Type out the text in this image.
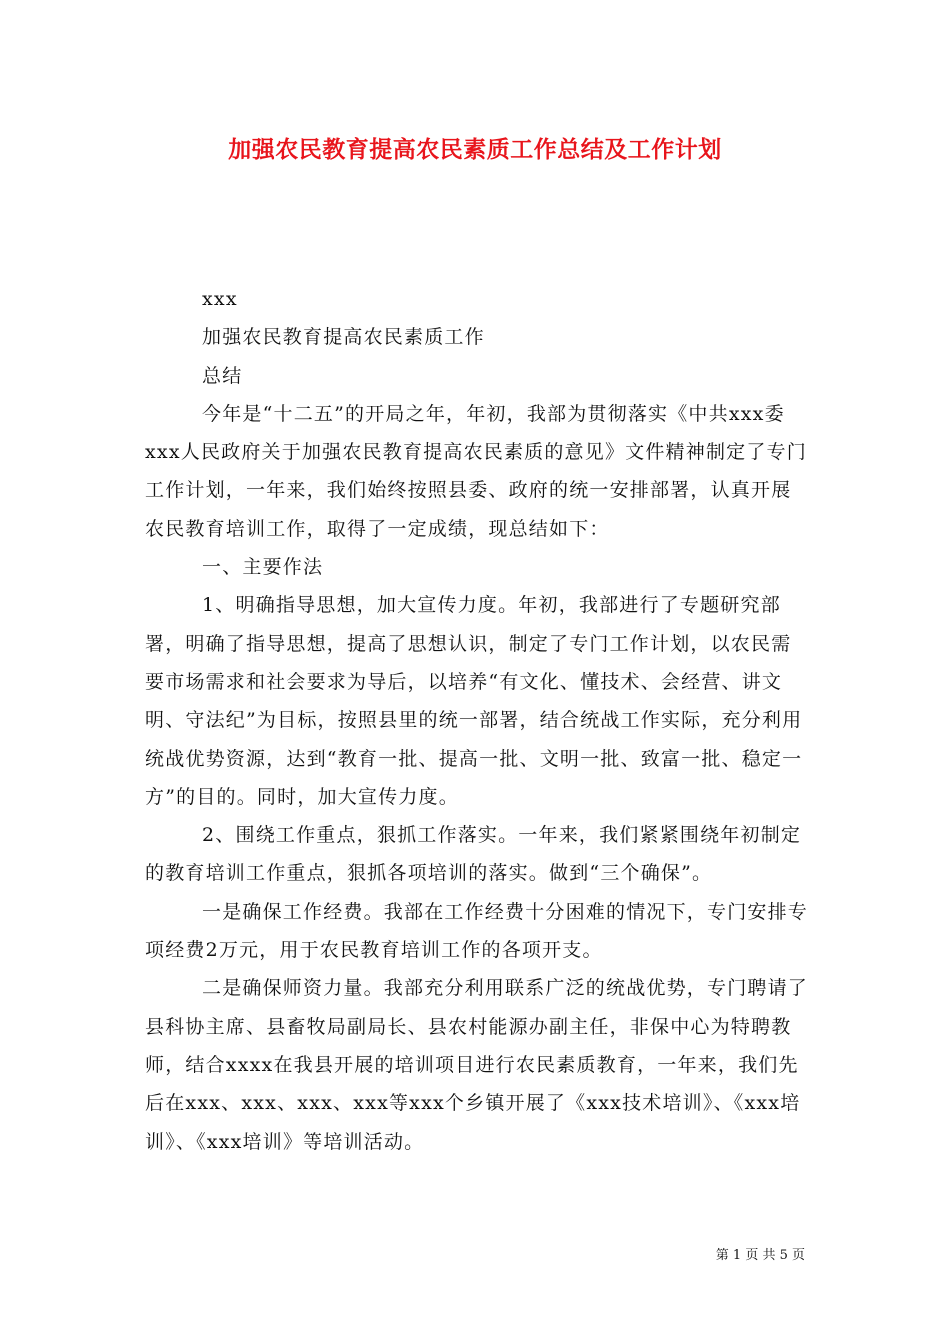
加强农民教育提高农民素质工作总结及工作计划

xxx

加强农民教育提高农民素质工作

总结

今年是“十二五”的开局之年，年初，我部为贯彻落实《中共xxx委xxx人民政府关于加强农民教育提高农民素质的意见》文件精神制定了专门工作计划，一年来，我们始终按照县委、政府的统一安排部署，认真开展农民教育培训工作，取得了一定成绩，现总结如下：

一、主要作法

1、明确指导思想，加大宣传力度。年初，我部进行了专题研究部署，明确了指导思想，提高了思想认识，制定了专门工作计划，以农民需要市场需求和社会要求为导后，以培养“有文化、懂技术、会经营、讲文明、守法纪”为目标，按照县里的统一部署，结合统战工作实际，充分利用统战优势资源，达到“教育一批、提高一批、文明一批、致富一批、稳定一方”的目的。同时，加大宣传力度。

2、围绕工作重点，狠抓工作落实。一年来，我们紧紧围绕年初制定的教育培训工作重点，狠抓各项培训的落实。做到“三个确保”。

一是确保工作经费。我部在工作经费十分困难的情况下，专门安排专项经费2万元，用于农民教育培训工作的各项开支。

二是确保师资力量。我部充分利用联系广泛的统战优势，专门聘请了县科协主席、县畜牧局副局长、县农村能源办副主任，非保中心为特聘教师，结合xxxx在我县开展的培训项目进行农民素质教育，一年来，我们先后在xxx、xxx、xxx、xxx等xxx个乡镇开展了《xxx技术培训》、《xxx培训》、《xxx培训》等培训活动。

第 1 页 共 5 页
